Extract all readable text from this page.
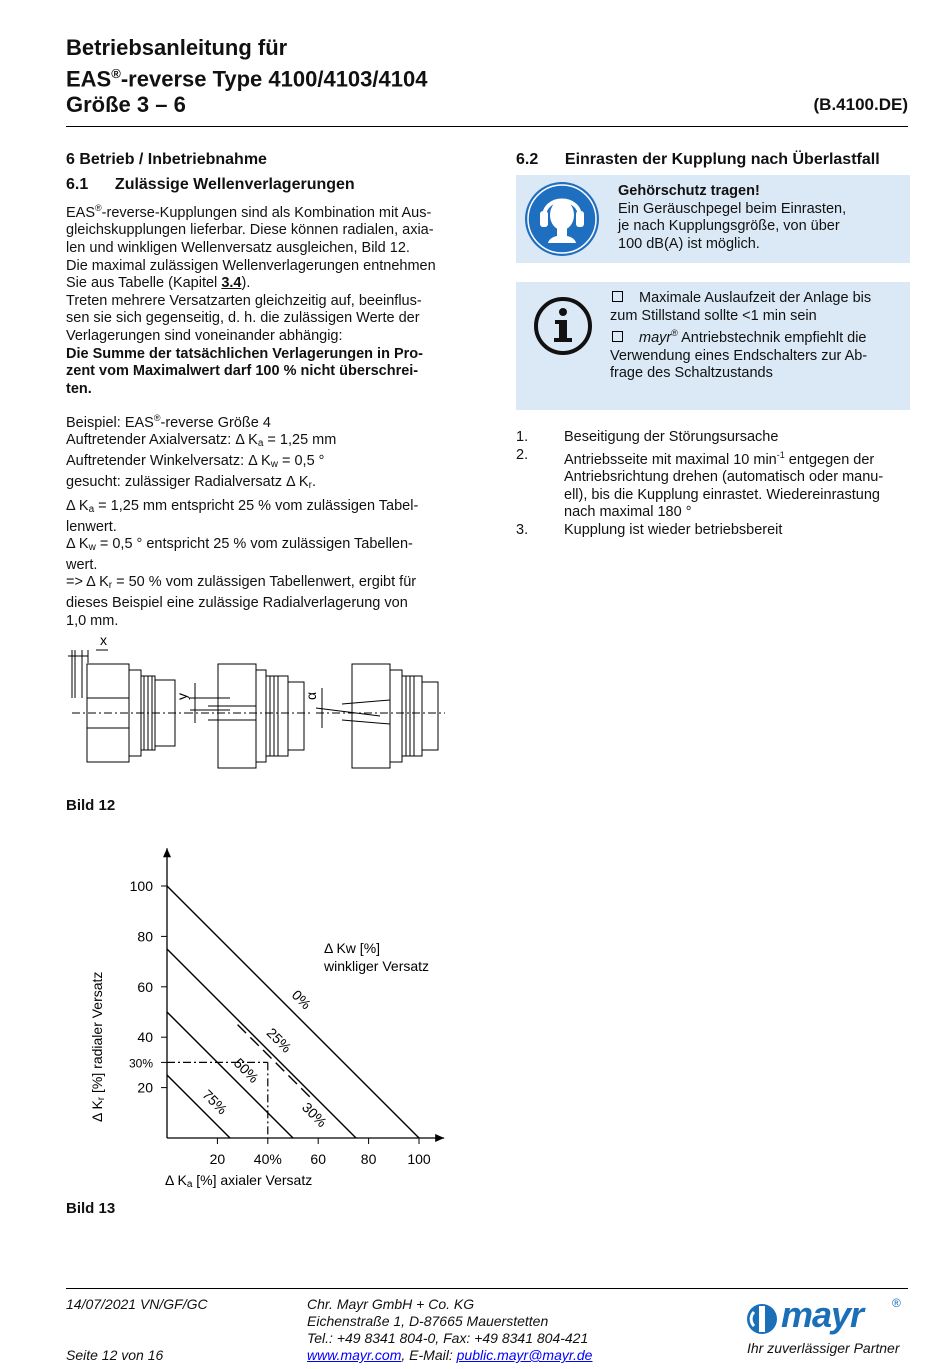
Betriebsanleitung für
EAS®-reverse Type 4100/4103/4104
Größe 3 – 6	(B.4100.DE)
6 Betrieb / Inbetriebnahme
6.1      Zulässige Wellenverlagerungen
EAS®-reverse-Kupplungen sind als Kombination mit Aus-
gleichskupplungen lieferbar. Diese können radialen, axia-
len und winkligen Wellenversatz ausgleichen, Bild 12.
Die maximal zulässigen Wellenverlagerungen entnehmen
Sie aus Tabelle (Kapitel 3.4).
Treten mehrere Versatzarten gleichzeitig auf, beeinflus-
sen sie sich gegenseitig, d. h. die zulässigen Werte der
Verlagerungen sind voneinander abhängig:
Die Summe der tatsächlichen Verlagerungen in Pro-
zent vom Maximalwert darf 100 % nicht überschrei-
ten.
Beispiel: EAS®-reverse Größe 4
Auftretender Axialversatz: Δ $K_a = 1,25$ mm
Auftretender Winkelversatz: Δ $K_w = 0,5$ °
gesucht: zulässiger Radialversatz Δ $K_r$.
Δ $K_a = 1,25$ mm entspricht 25 % vom zulässigen Tabel-
lenwert.
Δ $K_w = 0,5$ ° entspricht 25 % vom zulässigen Tabellen-
wert.
=> Δ $K_r = 50$ % vom zulässigen Tabellenwert, ergibt für
dieses Beispiel eine zulässige Radialverlagerung von
1,0 mm.
x
y	α
Bild 12
20 40% 60 80 100
20
30%
40
60
80
100
0%
25%
50%
75%	30%
Δ Kw [%]
winkliger Versatz
Δ Ka [%] axialer Versatz
Δ Kr [%] radialer Versatz
Bild 13
6.2      Einrasten der Kupplung nach Überlastfall
Gehörschutz tragen!
Ein Geräuschpegel beim Einrasten,
je nach Kupplungsgröße, von über
100 dB(A) ist möglich.
Maximale Auslaufzeit der Anlage bis
zum Stillstand sollte <1 min sein
mayr® Antriebstechnik empfiehlt die
Verwendung eines Endschalters zur Ab-
frage des Schaltzustands
1.	Beseitigung der Störungsursache
2.	Antriebsseite mit maximal 10 $\min^{-1}$ entgegen der
Antriebsrichtung drehen (automatisch oder manu-
ell), bis die Kupplung einrastet. Wiedereinrastung
nach maximal 180 °
3.	Kupplung ist wieder betriebsbereit
14/07/2021 VN/GF/GC
Seite 12 von 16
Chr. Mayr GmbH + Co. KG
Eichenstraße 1, D-87665 Mauerstetten
Tel.: +49 8341 804-0, Fax: +49 8341 804-421
www.mayr.com, E-Mail: public.mayr@mayr.de
mayr ®
Ihr zuverlässiger Partner
